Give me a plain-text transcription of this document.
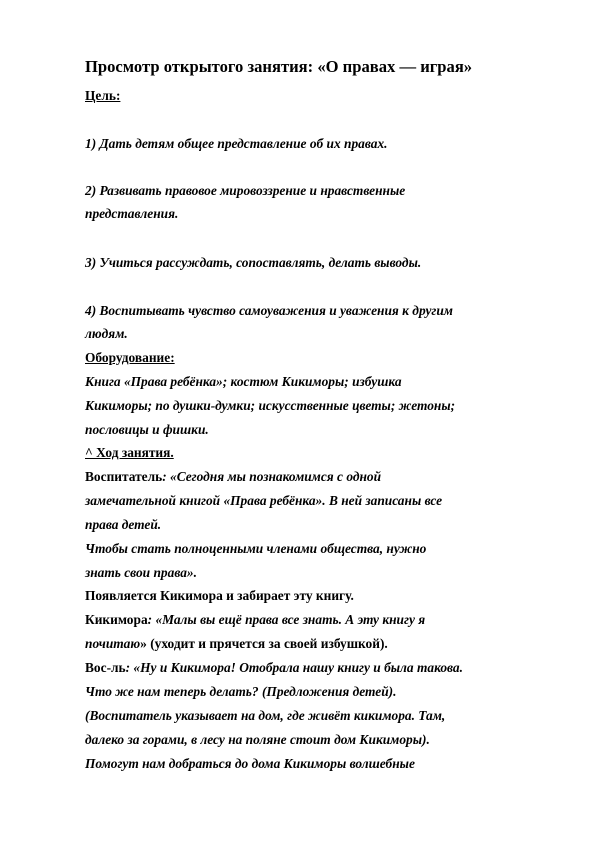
Просмотр открытого занятия: «О правах — играя»
Цель:
1) Дать детям общее представление об их правах.
2) Развивать правовое мировоззрение и нравственные
представления.
3) Учиться рассуждать, сопоставлять, делать выводы.
4) Воспитывать чувство самоуважения и уважения к другим
людям.
Оборудование:
Книга «Права ребёнка»; костюм Кикиморы; избушка
Кикиморы; по душки-думки; искусственные цветы; жетоны;
пословицы и фишки.
^ Ход занятия.
Воспитатель: «Сегодня мы познакомимся с одной
замечательной книгой «Права ребёнка». В ней записаны все
права детей.
Чтобы стать полноценными членами общества, нужно
знать свои права».
Появляется Кикимора и забирает эту книгу.
Кикимора: «Малы вы ещё права все знать. А эту книгу я
почитаю» (уходит и прячется за своей избушкой).
Вос-ль: «Ну и Кикимора! Отобрала нашу книгу и была такова.
Что же нам теперь делать? (Предложения детей).
(Воспитатель указывает на дом, где живёт кикимора. Там,
далеко за горами, в лесу на поляне стоит дом Кикиморы).
Помогут нам добраться до дома Кикиморы волшебные
